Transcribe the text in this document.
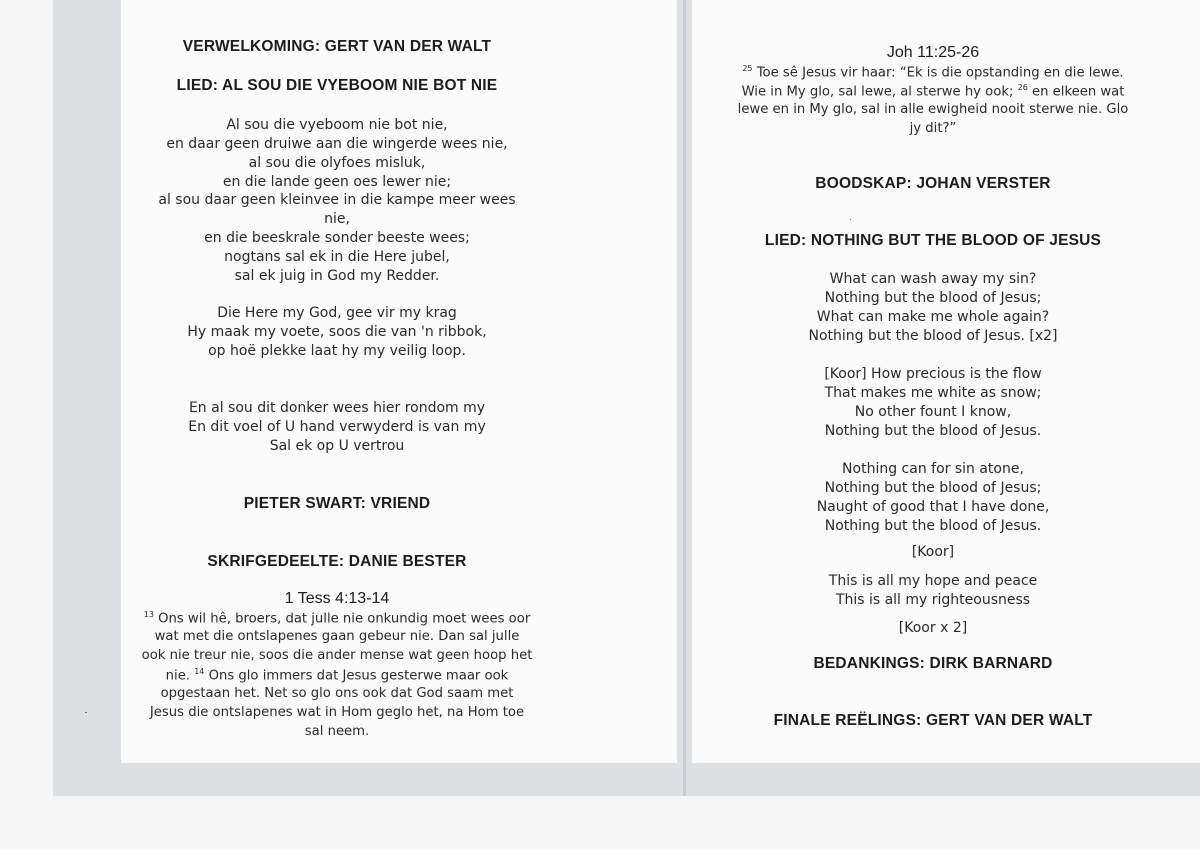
VERWELKOMING: GERT VAN DER WALT
LIED: AL SOU DIE VYEBOOM NIE BOT NIE
Al sou die vyeboom nie bot nie,
en daar geen druiwe aan die wingerde wees nie,
al sou die olyfoes misluk,
en die lande geen oes lewer nie;
al sou daar geen kleinvee in die kampe meer wees
nie,
en die beeskrale sonder beeste wees;
nogtans sal ek in die Here jubel,
sal ek juig in God my Redder.
Die Here my God, gee vir my krag
Hy maak my voete, soos die van 'n ribbok,
op hoë plekke laat hy my veilig loop.
En al sou dit donker wees hier rondom my
En dit voel of U hand verwyderd is van my
Sal ek op U vertrou
PIETER SWART: VRIEND
SKRIFGEDEELTE: DANIE BESTER
1 Tess 4:13-14
$^{13}$ Ons wil hê, broers, dat julle nie onkundig moet wees oor
wat met die ontslapenes gaan gebeur nie. Dan sal julle
ook nie treur nie, soos die ander mense wat geen hoop het
nie. $^{14}$ Ons glo immers dat Jesus gesterwe maar ook
opgestaan het. Net so glo ons ook dat God saam met
Jesus die ontslapenes wat in Hom geglo het, na Hom toe
sal neem.
Joh 11:25-26
$^{25}$ Toe sê Jesus vir haar: “Ek is die opstanding en die lewe.
Wie in My glo, sal lewe, al sterwe hy ook; $^{26}$ en elkeen wat
lewe en in My glo, sal in alle ewigheid nooit sterwe nie. Glo
jy dit?”
BOODSKAP: JOHAN VERSTER
LIED: NOTHING BUT THE BLOOD OF JESUS
What can wash away my sin?
Nothing but the blood of Jesus;
What can make me whole again?
Nothing but the blood of Jesus. [x2]
[Koor] How precious is the flow
That makes me white as snow;
No other fount I know,
Nothing but the blood of Jesus.
Nothing can for sin atone,
Nothing but the blood of Jesus;
Naught of good that I have done,
Nothing but the blood of Jesus.
[Koor]
This is all my hope and peace
This is all my righteousness
[Koor x 2]
BEDANKINGS: DIRK BARNARD
FINALE REËLINGS: GERT VAN DER WALT
